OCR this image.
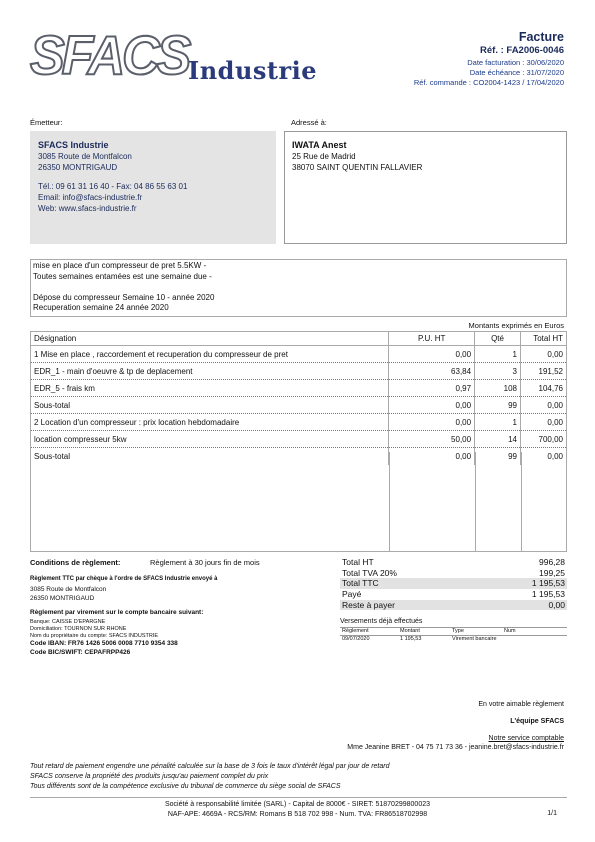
SFACS Industrie
Facture
Réf. : FA2006-0046
Date facturation : 30/06/2020
Date échéance : 31/07/2020
Réf. commande : CO2004-1423 / 17/04/2020
Émetteur:	Adressé à:
SFACS Industrie
3085 Route de Montfalcon
26350 MONTRIGAUD
Tél.: 09 61 31 16 40 - Fax: 04 86 55 63 01
Email: info@sfacs-industrie.fr
Web: www.sfacs-industrie.fr
IWATA Anest
25 Rue de Madrid
38070 SAINT QUENTIN FALLAVIER
mise en place d'un compresseur de pret 5.5KW -
Toutes semaines entamées est une semaine due -
Dépose du compresseur Semaine 10 - année 2020
Recuperation semaine 24 année 2020
Montants exprimés en Euros
Désignation	P.U. HT	Qté	Total HT
1 Mise en place , raccordement et recuperation du compresseur de pret	0,00	1	0,00
EDR_1 - main d'oeuvre & tp de deplacement	63,84	3	191,52
EDR_5 - frais km	0,97	108	104,76
Sous-total	0,00	99	0,00
2 Location d'un compresseur : prix location hebdomadaire	0,00	1	0,00
location compresseur 5kw	50,00	14	700,00
Sous-total	0,00	99	0,00
Conditions de règlement:	Règlement à 30 jours fin de mois
Règlement TTC par chèque à l'ordre de SFACS Industrie envoyé à
3085 Route de Montfalcon
26350 MONTRIGAUD
Règlement par virement sur le compte bancaire suivant:
Banque: CAISSE D'EPARGNE
Domiciliation: TOURNON SUR RHONE
Nom du propriétaire du compte: SFACS INDUSTRIE
Code IBAN: FR76 1426 5006 0008 7710 9354 338
Code BIC/SWIFT: CEPAFRPP426
Total HT	996,28
Total TVA 20%	199,25
Total TTC	1 195,53
Payé	1 195,53
Reste à payer	0,00
Versements déjà effectués
Règlement	Montant	Type	Num
09/07/2020	1 195,53	Virement bancaire
En votre aimable règlement
L'équipe SFACS
Notre service comptable
Mme Jeanine BRET - 04 75 71 73 36 - jeanine.bret@sfacs-industrie.fr
Tout retard de paiement engendre une pénalité calculée sur la base de 3 fois le taux d'intérêt légal par jour de retard
SFACS conserve la propriété des produits jusqu'au paiement complet du prix
Tous différents sont de la compétence exclusive du tribunal de commerce du siège social de SFACS
Société à responsabilité limitée (SARL) - Capital de 8000€ - SIRET: 51870299800023
NAF-APE: 4669A - RCS/RM: Romans B 518 702 998 - Num. TVA: FR86518702998	1/1
